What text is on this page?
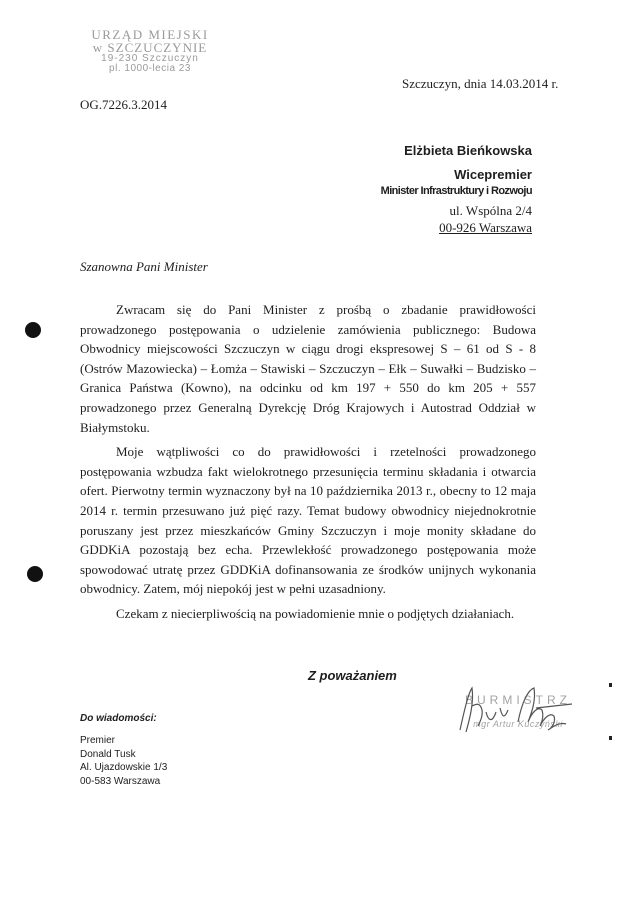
URZĄD MIEJSKI
w SZCZUCZYNIE
19-230 Szczuczyn
pl. 1000-lecia 23
Szczuczyn, dnia 14.03.2014 r.
OG.7226.3.2014
Elżbieta Bieńkowska
Wicepremier
Minister Infrastruktury i Rozwoju
ul. Wspólna 2/4
00-926 Warszawa
Szanowna Pani Minister

Zwracam się do Pani Minister z prośbą o zbadanie prawidłowości prowadzonego postępowania o udzielenie zamówienia publicznego: Budowa Obwodnicy miejscowości Szczuczyn w ciągu drogi ekspresowej S – 61 od S - 8 (Ostrów Mazowiecka) – Łomża – Stawiski – Szczuczyn – Ełk – Suwałki – Budzisko – Granica Państwa (Kowno), na odcinku od km 197 + 550 do km 205 + 557 prowadzonego przez Generalną Dyrekcję Dróg Krajowych i Autostrad Oddział w Białymstoku.

Moje wątpliwości co do prawidłowości i rzetelności prowadzonego postępowania wzbudza fakt wielokrotnego przesunięcia terminu składania i otwarcia ofert. Pierwotny termin wyznaczony był na 10 października 2013 r., obecny to 12 maja 2014 r. termin przesuwano już pięć razy. Temat budowy obwodnicy niejednokrotnie poruszany jest przez mieszkańców Gminy Szczuczyn i moje monity składane do GDDKiA pozostają bez echa. Przewlekłość prowadzonego postępowania może spowodować utratę przez GDDKiA dofinansowania ze środków unijnych wykonania obwodnicy. Zatem, mój niepokój jest w pełni uzasadniony.

Czekam z niecierpliwością na powiadomienie mnie o podjętych działaniach.

Z poważaniem
BURMISTRZ
mgr Artur Kuczyński
Do wiadomości:
Premier
Donald Tusk
Al. Ujazdowskie 1/3
00-583 Warszawa
